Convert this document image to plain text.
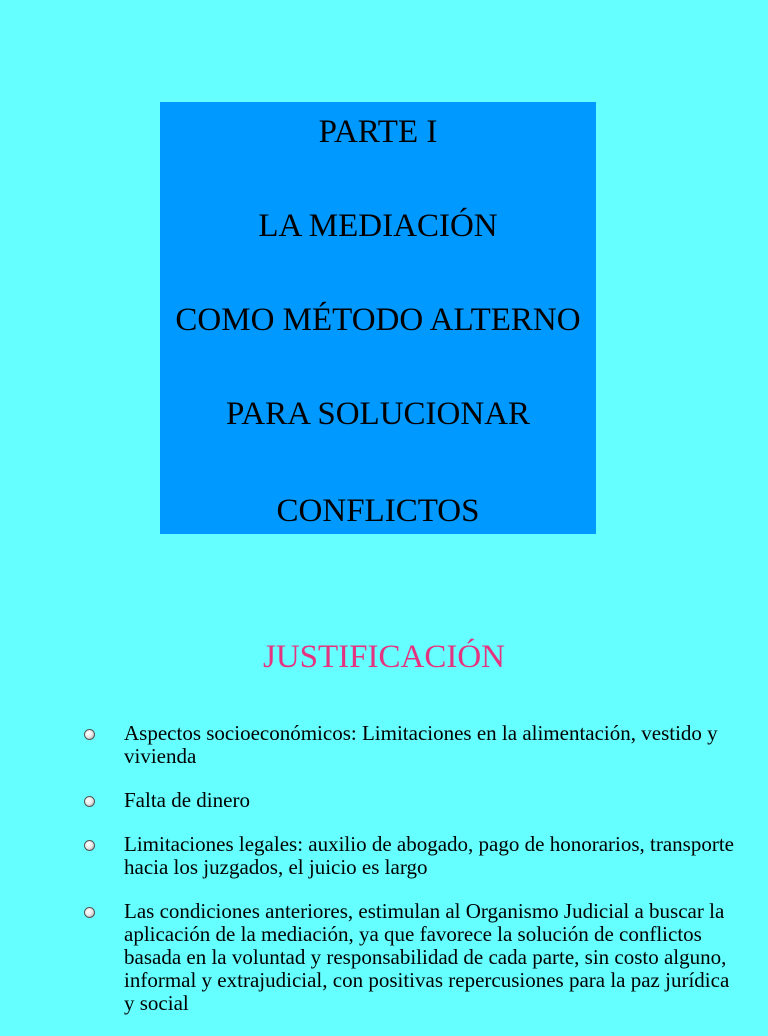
PARTE I
LA MEDIACIÓN
COMO MÉTODO ALTERNO
PARA SOLUCIONAR
CONFLICTOS
JUSTIFICACIÓN
Aspectos socioeconómicos: Limitaciones en la alimentación, vestido y vivienda
Falta de dinero
Limitaciones legales: auxilio de abogado, pago de honorarios, transporte hacia los juzgados, el juicio es largo
Las condiciones anteriores, estimulan al Organismo Judicial a buscar la aplicación de la mediación, ya que favorece la solución de conflictos basada en la voluntad y responsabilidad de cada parte, sin costo alguno, informal y extrajudicial, con positivas repercusiones para la paz jurídica y social
